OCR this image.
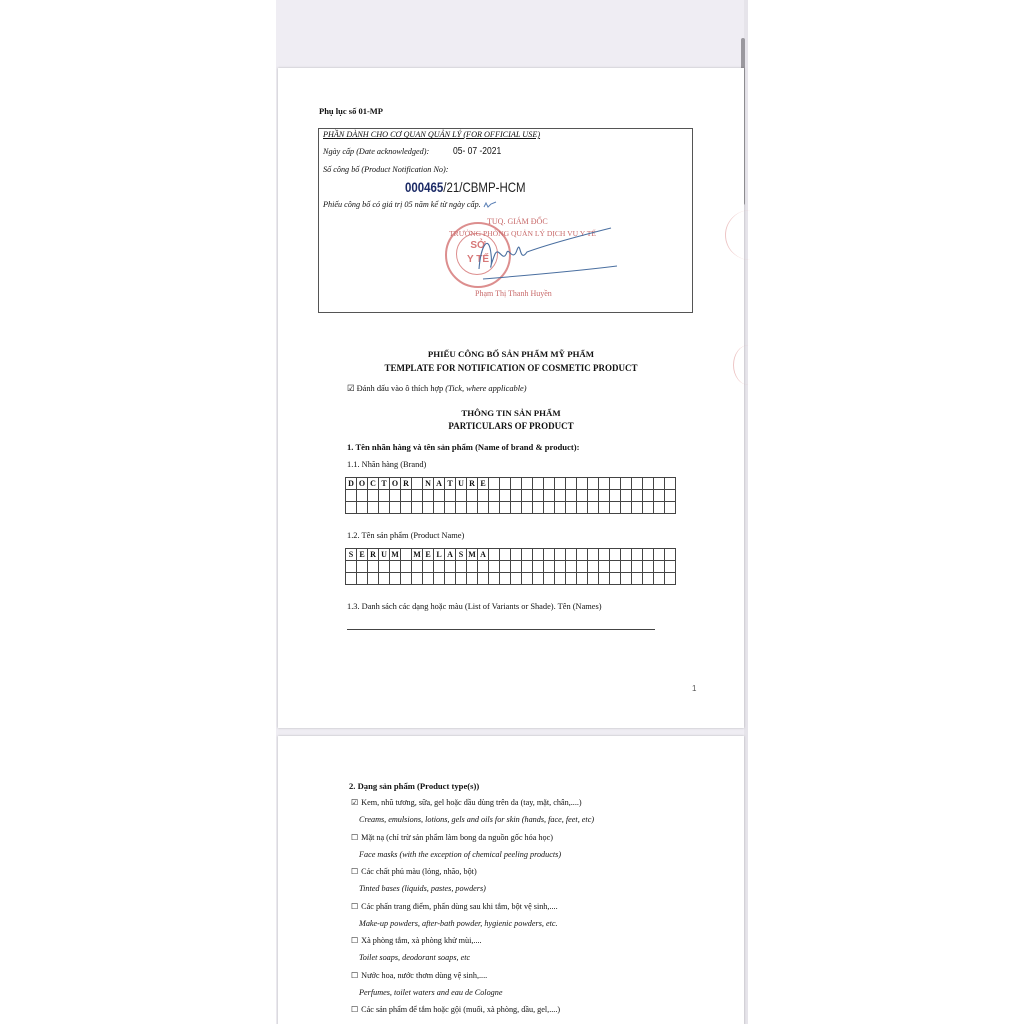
Phụ lục số 01-MP
PHẦN DÀNH CHO CƠ QUAN QUẢN LÝ (FOR OFFICIAL USE)
Ngày cấp (Date acknowledged): 05- 07 -2021
Số công bố (Product Notification No):
000465/21/CBMP-HCM
Phiếu công bố có giá trị 05 năm kể từ ngày cấp.
SỞ
Y TẾ
TUQ. GIÁM ĐỐC
TRƯỞNG PHÒNG QUẢN LÝ DỊCH VỤ Y TẾ
Phạm Thị Thanh Huyền
PHIẾU CÔNG BỐ SẢN PHẨM MỸ PHẨM
TEMPLATE FOR NOTIFICATION OF COSMETIC PRODUCT
☑ Đánh dấu vào ô thích hợp (Tick, where applicable)
THÔNG TIN SẢN PHẨM
PARTICULARS OF PRODUCT
1. Tên nhãn hàng và tên sản phẩm (Name of brand & product):
1.1. Nhãn hàng (Brand)
D	O	C	T	O	R		N	A	T	U	R	E																	

1.2. Tên sản phẩm (Product Name)
S	E	R	U	M		M	E	L	A	S	M	A																	

1.3. Danh sách các dạng hoặc màu (List of Variants or Shade). Tên (Names)
1
2. Dạng sản phẩm (Product type(s))
☑ Kem, nhũ tương, sữa, gel hoặc dầu dùng trên da (tay, mặt, chân,....)
Creams, emulsions, lotions, gels and oils for skin (hands, face, feet, etc)
☐ Mặt nạ (chỉ trừ sản phẩm làm bong da nguồn gốc hóa học)
Face masks (with the exception of chemical peeling products)
☐ Các chất phủ màu (lỏng, nhão, bột)
Tinted bases (liquids, pastes, powders)
☐ Các phấn trang điểm, phấn dùng sau khi tắm, bột vệ sinh,....
Make-up powders, after-bath powder, hygienic powders, etc.
☐ Xà phòng tắm, xà phòng khử mùi,....
Toilet soaps, deodorant soaps, etc
☐ Nước hoa, nước thơm dùng vệ sinh,....
Perfumes, toilet waters and eau de Cologne
☐ Các sản phẩm để tắm hoặc gội (muối, xà phòng, dầu, gel,....)
